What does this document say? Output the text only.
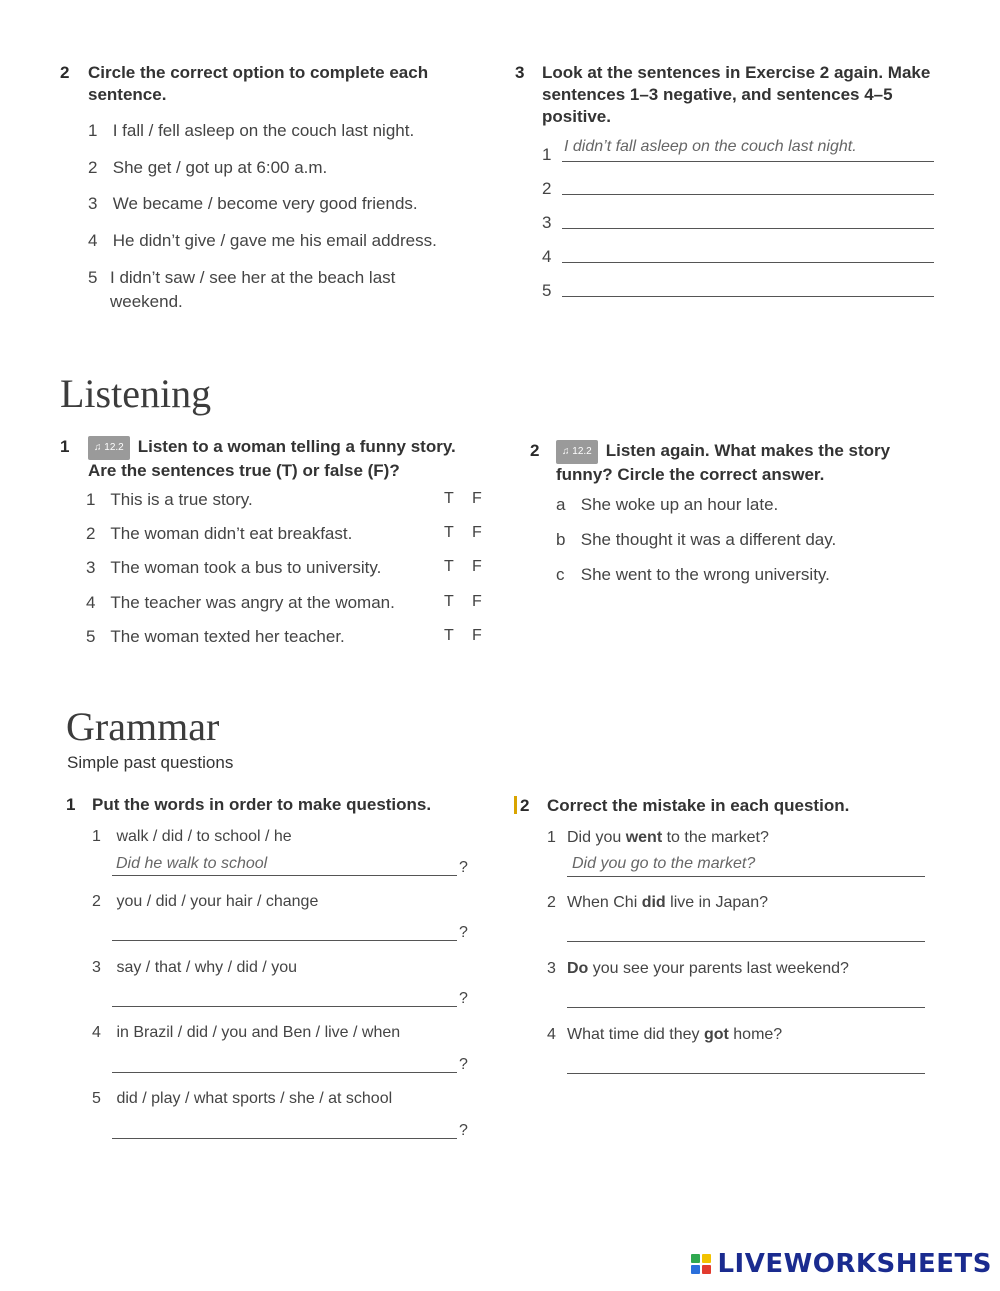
2 Circle the correct option to complete each sentence.
1 I fall / fell asleep on the couch last night.
2 She get / got up at 6:00 a.m.
3 We became / become very good friends.
4 He didn’t give / gave me his email address.
5 I didn’t saw / see her at the beach last weekend.
3 Look at the sentences in Exercise 2 again. Make sentences 1–3 negative, and sentences 4–5 positive.
1 I didn’t fall asleep on the couch last night.
2
3
4
5
Listening
1	♫ 12.2 Listen to a woman telling a funny story. Are the sentences true (T) or false (F)?
1 This is a true story.	T F
2 The woman didn’t eat breakfast.	T F
3 The woman took a bus to university.	T F
4 The teacher was angry at the woman.	T F
5 The woman texted her teacher.	T F
2	♫ 12.2 Listen again. What makes the story funny? Circle the correct answer.
a She woke up an hour late.
b She thought it was a different day.
c She went to the wrong university.
Grammar
Simple past questions
1 Put the words in order to make questions.
1 walk / did / to school / he
Did he walk to school	?
2 you / did / your hair / change
?
3 say / that / why / did / you
?
4 in Brazil / did / you and Ben / live / when
?
5 did / play / what sports / she / at school
?
2 Correct the mistake in each question.
1 Did you went to the market?
Did you go to the market?
2 When Chi did live in Japan?
3 Do you see your parents last weekend?
4 What time did they got home?
LIVEWORKSHEETS
